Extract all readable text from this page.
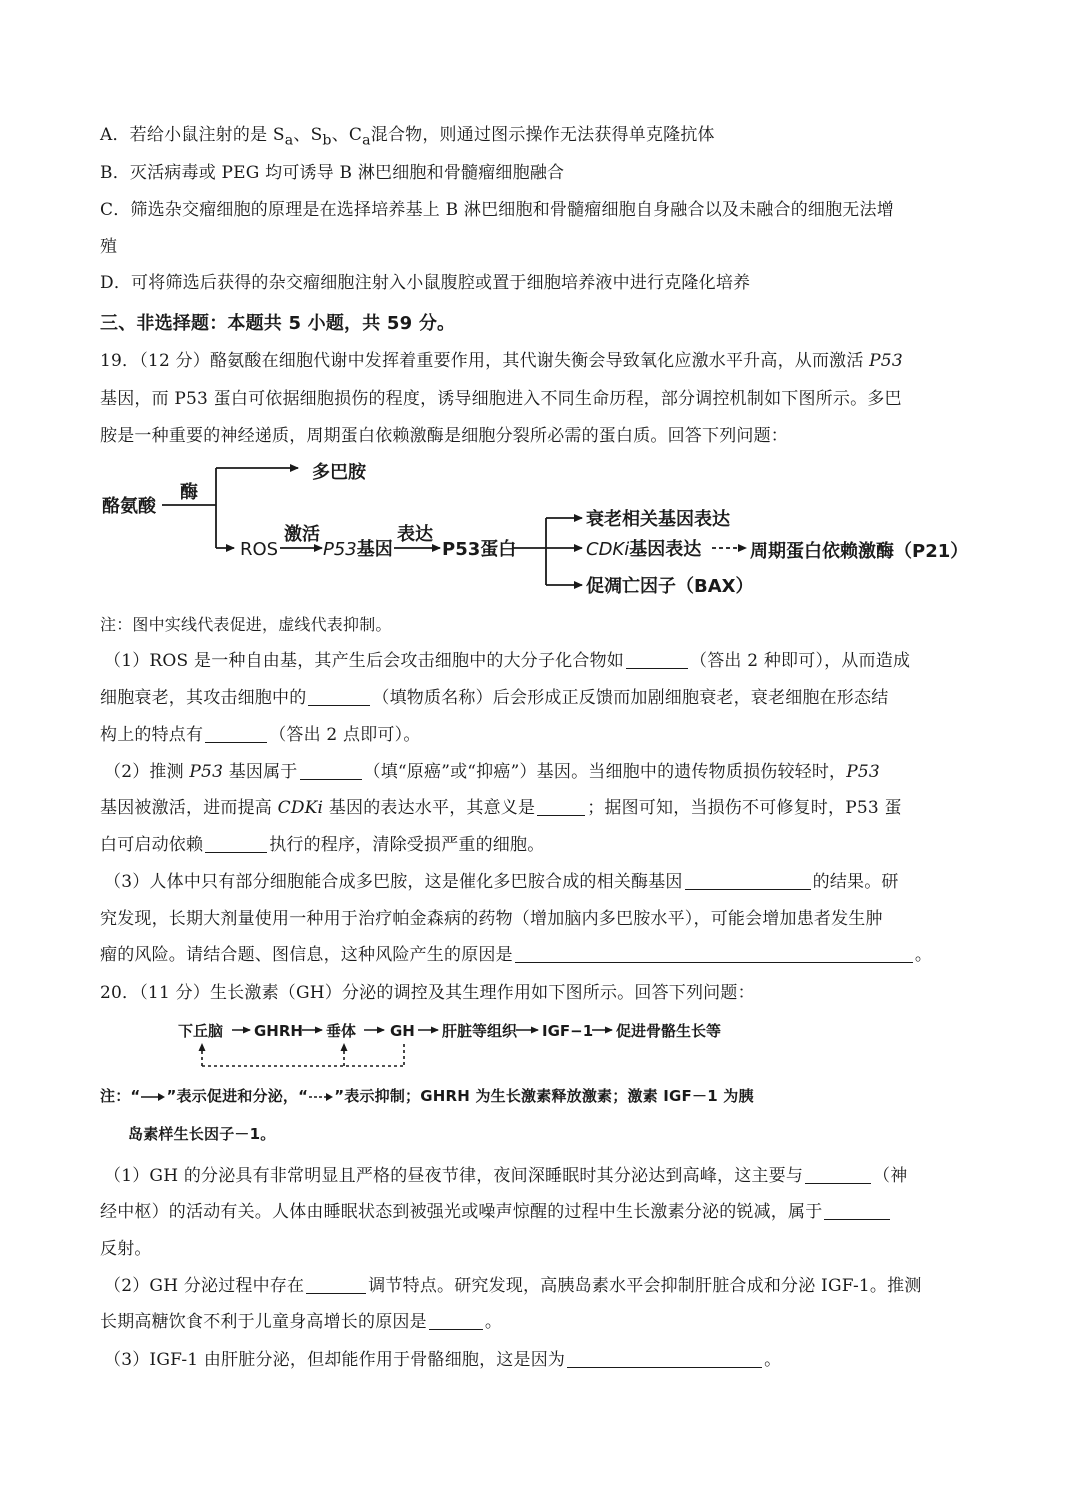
A．若给小鼠注射的是 $S_a$、$S_b$、$C_a$混合物，则通过图示操作无法获得单克隆抗体
B．灭活病毒或 PEG 均可诱导 B 淋巴细胞和骨髓瘤细胞融合
C．筛选杂交瘤细胞的原理是在选择培养基上 B 淋巴细胞和骨髓瘤细胞自身融合以及未融合的细胞无法增
殖
D．可将筛选后获得的杂交瘤细胞注射入小鼠腹腔或置于细胞培养液中进行克隆化培养
三、非选择题：本题共 5 小题，共 59 分。
19．（12 分）酪氨酸在细胞代谢中发挥着重要作用，其代谢失衡会导致氧化应激水平升高，从而激活 P53
基因，而 P53 蛋白可依据细胞损伤的程度，诱导细胞进入不同生命历程，部分调控机制如下图所示。多巴
胺是一种重要的神经递质，周期蛋白依赖激酶是细胞分裂所必需的蛋白质。回答下列问题：
酪氨酸
酶
多巴胺
ROS
激活
P53基因
表达
P53蛋白
衰老相关基因表达
CDKi基因表达	周期蛋白依赖激酶（P21）
促凋亡因子（BAX）
注：图中实线代表促进，虚线代表抑制。
（1）ROS 是一种自由基，其产生后会攻击细胞中的大分子化合物如	（答出 2 种即可），从而造成
细胞衰老，其攻击细胞中的	（填物质名称）后会形成正反馈而加剧细胞衰老，衰老细胞在形态结
构上的特点有	（答出 2 点即可）。
（2）推测 P53 基因属于	（填“原癌”或“抑癌”）基因。当细胞中的遗传物质损伤较轻时，P53
基因被激活，进而提高 CDKi 基因的表达水平，其意义是	；据图可知，当损伤不可修复时，P53 蛋
白可启动依赖	执行的程序，清除受损严重的细胞。
（3）人体中只有部分细胞能合成多巴胺，这是催化多巴胺合成的相关酶基因	的结果。研
究发现，长期大剂量使用一种用于治疗帕金森病的药物（增加脑内多巴胺水平），可能会增加患者发生肿
瘤的风险。请结合题、图信息，这种风险产生的原因是	。
20．（11 分）生长激素（GH）分泌的调控及其生理作用如下图所示。回答下列问题：
下丘脑 GHRH 垂体 GH 肝脏等组织 IGF−1 促进骨骼生长等
注：“ ”表示促进和分泌，“ ”表示抑制；GHRH 为生长激素释放激素；激素 IGF－1 为胰
岛素样生长因子－1。
（1）GH 的分泌具有非常明显且严格的昼夜节律，夜间深睡眠时其分泌达到高峰，这主要与	（神
经中枢）的活动有关。人体由睡眠状态到被强光或噪声惊醒的过程中生长激素分泌的锐减，属于
反射。
（2）GH 分泌过程中存在	调节特点。研究发现，高胰岛素水平会抑制肝脏合成和分泌 IGF-1。推测
长期高糖饮食不利于儿童身高增长的原因是	。
（3）IGF-1 由肝脏分泌，但却能作用于骨骼细胞，这是因为	。
